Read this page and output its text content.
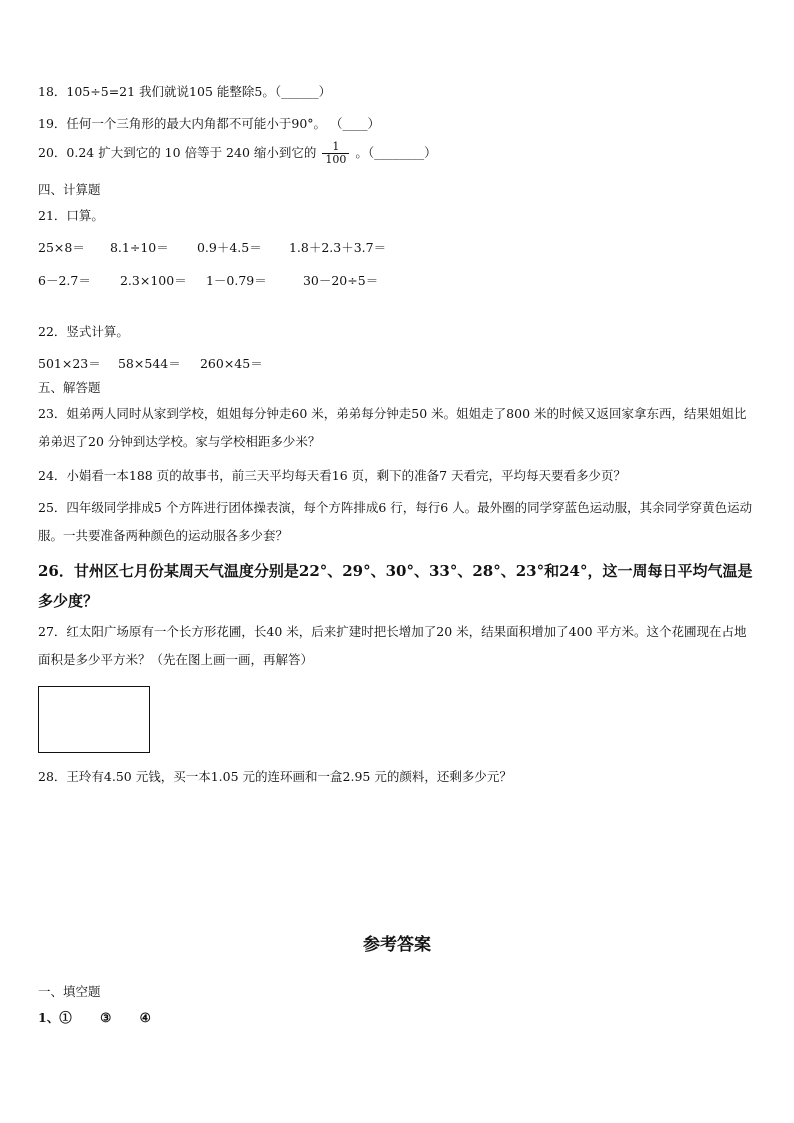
18．105÷5=21 我们就说105 能整除5。（______）
19．任何一个三角形的最大内角都不可能小于90°。 （____）
20．0.24 扩大到它的 10 倍等于 240 缩小到它的 $\frac{1}{100}$ 。（________）
四、计算题
21．口算。
25×8＝ 8.1÷10＝ 0.9＋4.5＝ 1.8＋2.3＋3.7＝
6－2.7＝ 2.3×100＝ 1－0.79＝	30－20÷5＝
22．竖式计算。
501×23＝ 58×544＝ 260×45＝
五、解答题
23．姐弟两人同时从家到学校，姐姐每分钟走60 米，弟弟每分钟走50 米。姐姐走了800 米的时候又返回家拿东西，结果姐姐比弟弟迟了20 分钟到达学校。家与学校相距多少米？
24．小娟看一本188 页的故事书，前三天平均每天看16 页，剩下的准备7 天看完，平均每天要看多少页？
25．四年级同学排成5 个方阵进行团体操表演，每个方阵排成6 行，每行6 人。最外圈的同学穿蓝色运动服，其余同学穿黄色运动服。一共要准备两种颜色的运动服各多少套？
26．甘州区七月份某周天气温度分别是22°、29°、30°、33°、28°、23°和24°，这一周每日平均气温是多少度？
27．红太阳广场原有一个长方形花圃，长40 米，后来扩建时把长增加了20 米，结果面积增加了400 平方米。这个花圃现在占地面积是多少平方米？（先在图上画一画，再解答）
28．王玲有4.50 元钱，买一本1.05 元的连环画和一盒2.95 元的颜料，还剩多少元？
参考答案
一、填空题
1、① ③ ④
